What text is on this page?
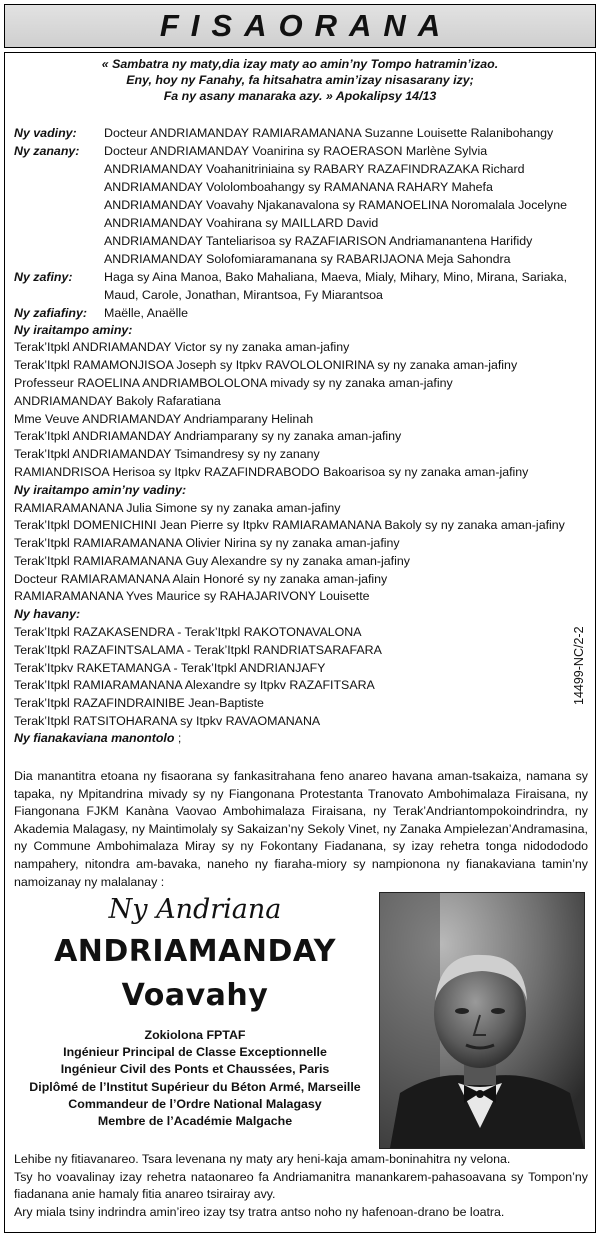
FISAORANA
« Sambatra ny maty,dia izay maty ao amin’ny Tompo hatramin’izao.
Eny, hoy ny Fanahy, fa hitsahatra amin’izay nisasarany izy;
Fa ny asany manaraka azy. » Apokalipsy 14/13
Ny vadiny: Docteur ANDRIAMANDAY RAMIARAMANANA Suzanne Louisette Ralanibohangy
Ny zanany: Docteur ANDRIAMANDAY Voanirina sy RAOERASON Marlène Sylvia
ANDRIAMANDAY Voahanitriniaina sy RABARY RAZAFINDRAZAKA Richard
ANDRIAMANDAY Vololomboahangy sy RAMANANA RAHARY Mahefa
ANDRIAMANDAY Voavahy Njakanavalona sy RAMANOELINA Noromalala Jocelyne
ANDRIAMANDAY Voahirana sy MAILLARD David
ANDRIAMANDAY Tanteliarisoa sy RAZAFIARISON Andriamanantena Harifidy
ANDRIAMANDAY Solofomiaramanana sy RABARIJAONA Meja Sahondra
Ny zafiny:	Haga sy Aina Manoa, Bako Mahaliana, Maeva, Mialy, Mihary, Mino, Mirana, Sariaka,
Maud, Carole, Jonathan, Mirantsoa, Fy Miarantsoa
Ny zafiafiny: Maëlle, Anaëlle
Ny iraitampo aminy:
Terak’Itpkl ANDRIAMANDAY Victor sy ny zanaka aman-jafiny
Terak’Itpkl RAMAMONJISOA Joseph sy Itpkv RAVOLOLONIRINA sy ny zanaka aman-jafiny
Professeur RAOELINA ANDRIAMBOLOLONA mivady sy ny zanaka aman-jafiny
ANDRIAMANDAY Bakoly Rafaratiana
Mme Veuve ANDRIAMANDAY Andriamparany Helinah
Terak’Itpkl ANDRIAMANDAY Andriamparany sy ny zanaka aman-jafiny
Terak’Itpkl ANDRIAMANDAY Tsimandresy sy ny zanany
RAMIANDRISOA Herisoa sy Itpkv RAZAFINDRABODO Bakoarisoa sy ny zanaka aman-jafiny
Ny iraitampo amin’ny vadiny:
RAMIARAMANANA Julia Simone sy ny zanaka aman-jafiny
Terak’Itpkl DOMENICHINI Jean Pierre sy Itpkv RAMIARAMANANA Bakoly sy ny zanaka aman-jafiny
Terak’Itpkl RAMIARAMANANA Olivier Nirina sy ny zanaka aman-jafiny
Terak’Itpkl RAMIARAMANANA Guy Alexandre sy ny zanaka aman-jafiny
Docteur RAMIARAMANANA Alain Honoré sy ny zanaka aman-jafiny
RAMIARAMANANA Yves Maurice sy RAHAJARIVONY Louisette
Ny havany:
Terak’Itpkl RAZAKASENDRA - Terak’Itpkl RAKOTONAVALONA
Terak’Itpkl RAZAFINTSALAMA - Terak’Itpkl RANDRIATSARAFARA
Terak’Itpkv RAKETAMANGA - Terak’Itpkl ANDRIANJAFY
Terak’Itpkl RAMIARAMANANA Alexandre sy Itpkv RAZAFITSARA
Terak’Itpkl RAZAFINDRAINIBE Jean-Baptiste
Terak’Itpkl RATSITOHARANA sy Itpkv RAVAOMANANA
Ny fianakaviana manontolo ;
14499-NC/2-2
Dia manantitra etoana ny fisaorana sy fankasitrahana feno anareo havana aman-tsakaiza, namana sy tapaka, ny Mpitandrina mivady sy ny Fiangonana Protestanta Tranovato Ambohimalaza Firaisana, ny Fiangonana FJKM Kanàna Vaovao Ambohimalaza Firaisana, ny Terak’Andriantompokoindrindra, ny Akademia Malagasy, ny Maintimolaly sy Sakaizan’ny Sekoly Vinet, ny Zanaka Ampielezan’Andramasina, ny Commune Ambohimalaza Miray sy ny Fokontany Fiadanana, sy izay rehetra tonga nidodododo nampahery, nitondra am-bavaka, naneho ny fiaraha-miory sy nampionona ny fianakaviana tamin’ny namoizanay ny malalanay :
Ny Andriana
ANDRIAMANDAY
Voavahy
Zokiolona FPTAF
Ingénieur Principal de Classe Exceptionnelle
Ingénieur Civil des Ponts et Chaussées, Paris
Diplômé de l’Institut Supérieur du Béton Armé, Marseille
Commandeur de l’Ordre National Malagasy
Membre de l’Académie Malgache
Lehibe ny fitiavanareo. Tsara levenana ny maty ary heni-kaja amam-boninahitra ny velona.
Tsy ho voavalinay izay rehetra nataonareo fa Andriamanitra manankarem-pahasoavana sy Tompon’ny fiadanana anie hamaly fitia anareo tsirairay avy.
Ary miala tsiny indrindra amin’ireo izay tsy tratra antso noho ny hafenoan-drano be loatra.
